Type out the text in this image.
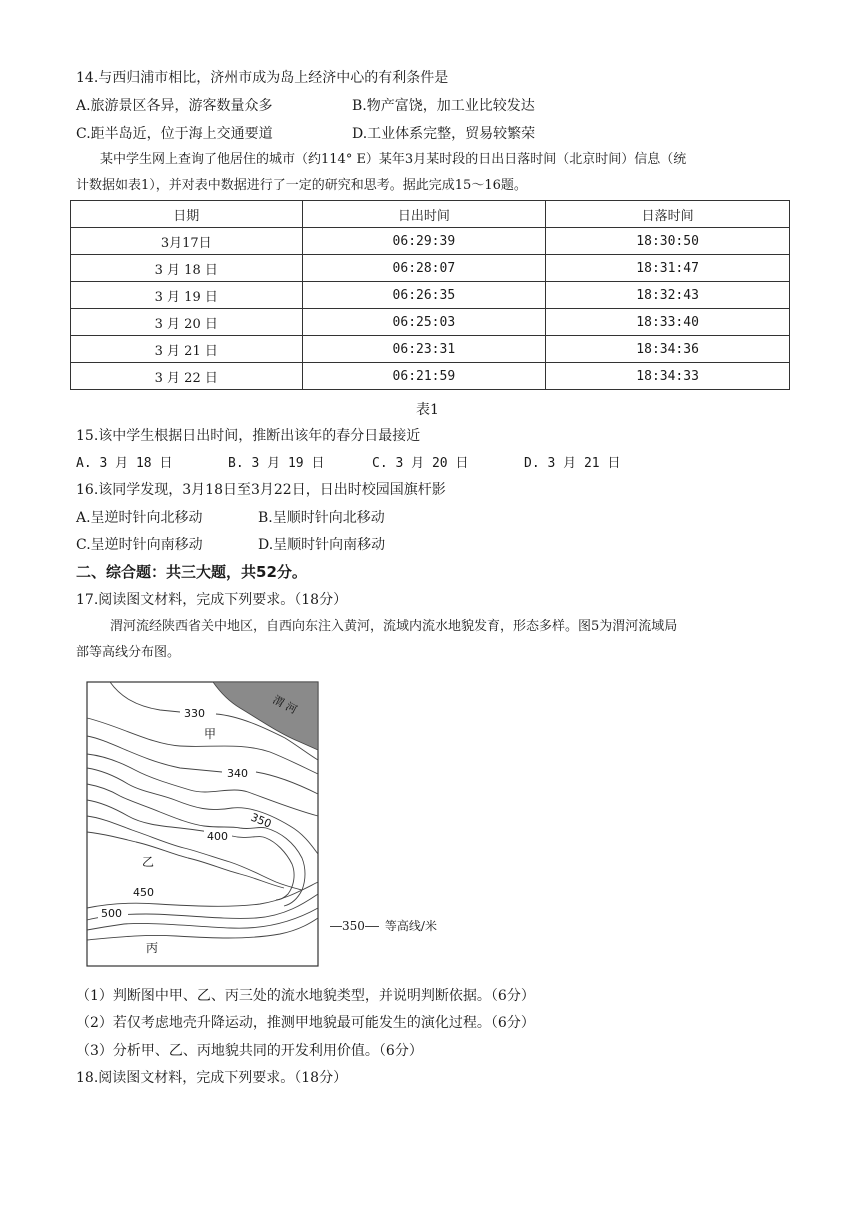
14.与西归浦市相比，济州市成为岛上经济中心的有利条件是
A.旅游景区各异，游客数量众多	B.物产富饶，加工业比较发达
C.距半岛近，位于海上交通要道	D.工业体系完整，贸易较繁荣
某中学生网上查询了他居住的城市（约114° E）某年3月某时段的日出日落时间（北京时间）信息（统
计数据如表1），并对表中数据进行了一定的研究和思考。据此完成15～16题。
日期	日出时间	日落时间
3月17日	06:29:39	18:30:50
3 月 18 日	06:28:07	18:31:47
3 月 19 日	06:26:35	18:32:43
3 月 20 日	06:25:03	18:33:40
3 月 21 日	06:23:31	18:34:36
3 月 22 日	06:21:59	18:34:33
表1
15.该中学生根据日出时间，推断出该年的春分日最接近
A. 3 月 18 日	B. 3 月 19 日	C. 3 月 20 日	D. 3 月 21 日
16.该同学发现，3月18日至3月22日，日出时校园国旗杆影
A.呈逆时针向北移动	B.呈顺时针向北移动
C.呈逆时针向南移动	D.呈顺时针向南移动
二、综合题：共三大题，共52分。
17.阅读图文材料，完成下列要求。（18分）
渭河流经陕西省关中地区，自西向东注入黄河，流域内流水地貌发育，形态多样。图5为渭河流域局
部等高线分布图。
渭 河
330
340
350
400
450
500
甲
乙
丙
350 等高线/米
（1）判断图中甲、乙、丙三处的流水地貌类型，并说明判断依据。（6分）
（2）若仅考虑地壳升降运动，推测甲地貌最可能发生的演化过程。（6分）
（3）分析甲、乙、丙地貌共同的开发利用价值。（6分）
18.阅读图文材料，完成下列要求。（18分）
